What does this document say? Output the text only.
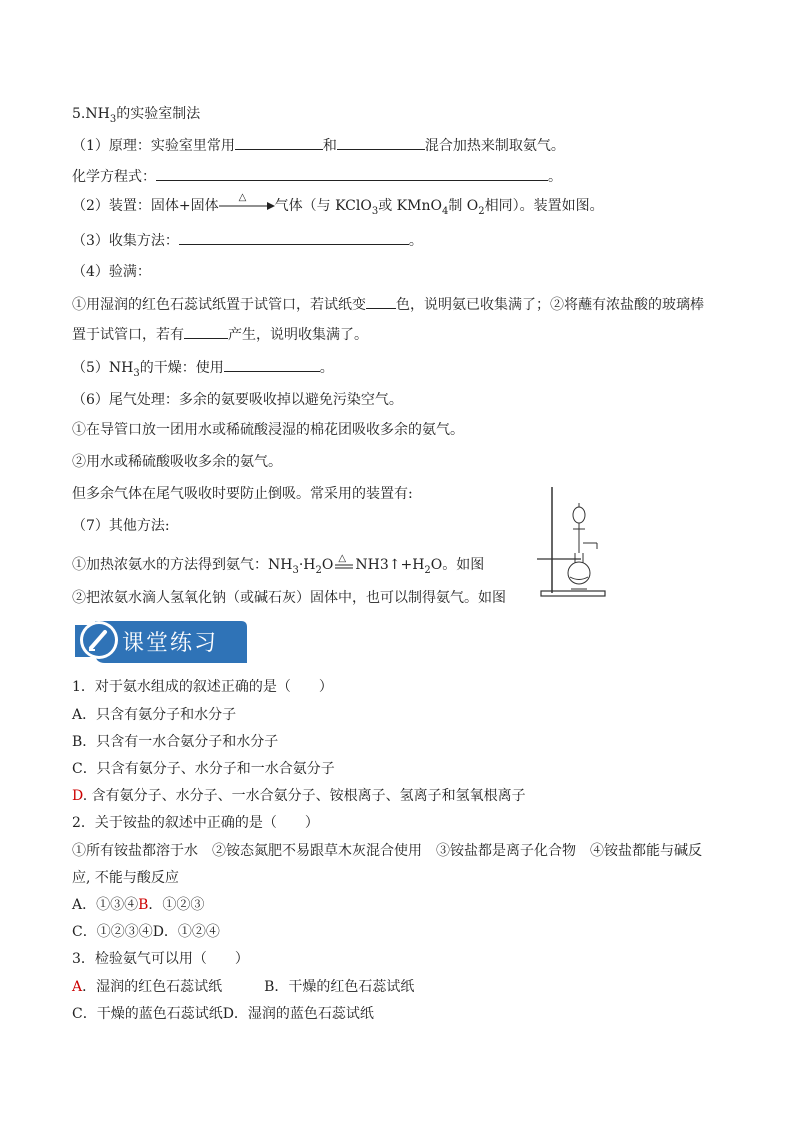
$5.NH_3$的实验室制法
（1）原理：实验室里常用	和	混合加热来制取氨气。
化学方程式：	。
（2）装置：固体+固体
△
气体（与 KClO$_3$或 KMnO$_4$制 $O_2$相同）。装置如图。
（3）收集方法：	。
（4）验满：
①用湿润的红色石蕊试纸置于试管口，若试纸变 色，说明氨已收集满了；②将蘸有浓盐酸的玻璃棒
置于试管口，若有	产生，说明收集满了。
$(5)NH_3$的干燥：使用	。
（6）尾气处理：多余的氨要吸收掉以避免污染空气。
①在导管口放一团用水或稀硫酸浸湿的棉花团吸收多余的氨气。
②用水或稀硫酸吸收多余的氨气。
但多余气体在尾气吸收时要防止倒吸。常采用的装置有:
（7）其他方法:
①加热浓氨水的方法得到氨气：$NH_3\cdot H_2O$ △ $NH3↑+H_2O$。如图
②把浓氨水滴人氢氧化钠（或碱石灰）固体中，也可以制得氨气。如图
课堂练习
1．对于氨水组成的叙述正确的是（　　）
A．只含有氨分子和水分子
B．只含有一水合氨分子和水分子
C．只含有氨分子、水分子和一水合氨分子
D. 含有氨分子、水分子、一水合氨分子、铵根离子、氢离子和氢氧根离子
2．关于铵盐的叙述中正确的是（　　）
①所有铵盐都溶于水　②铵态氮肥不易跟草木灰混合使用　③铵盐都是离子化合物　④铵盐都能与碱反
应, 不能与酸反应
A．①③④B．①②③
C．①②③④D．①②④
3．检验氨气可以用（　　）
A．湿润的红色石蕊试纸	B．干燥的红色石蕊试纸
C．干燥的蓝色石蕊试纸D．湿润的蓝色石蕊试纸
